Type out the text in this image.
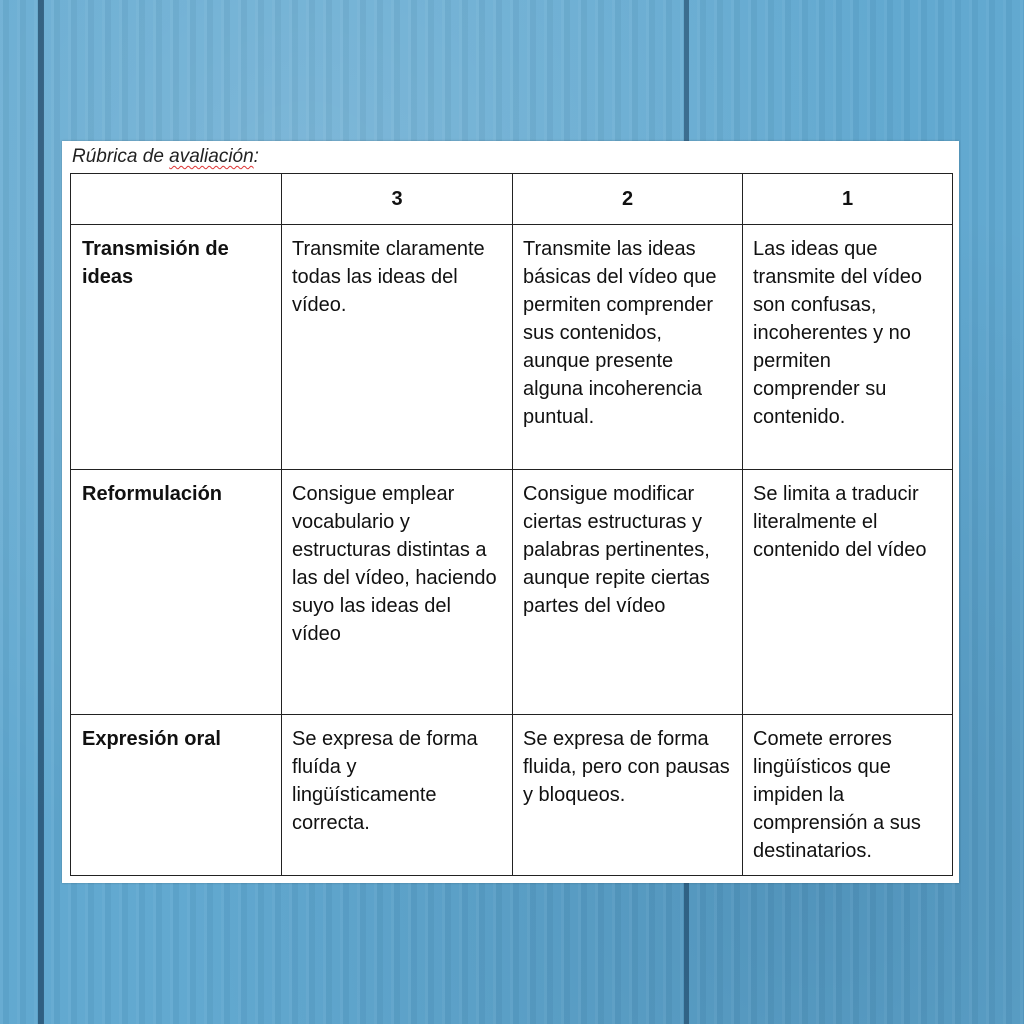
Rúbrica de avaliación:
	3	2	1
Transmisión de ideas	Transmite claramente todas las ideas del vídeo.	Transmite las ideas básicas del vídeo que permiten comprender sus contenidos, aunque presente alguna incoherencia puntual.	Las ideas que transmite del vídeo son confusas, incoherentes y no permiten comprender su contenido.
Reformulación	Consigue emplear vocabulario y estructuras distintas a las del vídeo, haciendo suyo las ideas del vídeo	Consigue modificar ciertas estructuras y palabras pertinentes, aunque repite ciertas partes del vídeo	Se limita a traducir literalmente el contenido del vídeo
Expresión oral	Se expresa de forma fluída y lingüísticamente correcta.	Se expresa de forma fluida, pero con pausas y bloqueos.	Comete errores lingüísticos que impiden la comprensión a sus destinatarios.
